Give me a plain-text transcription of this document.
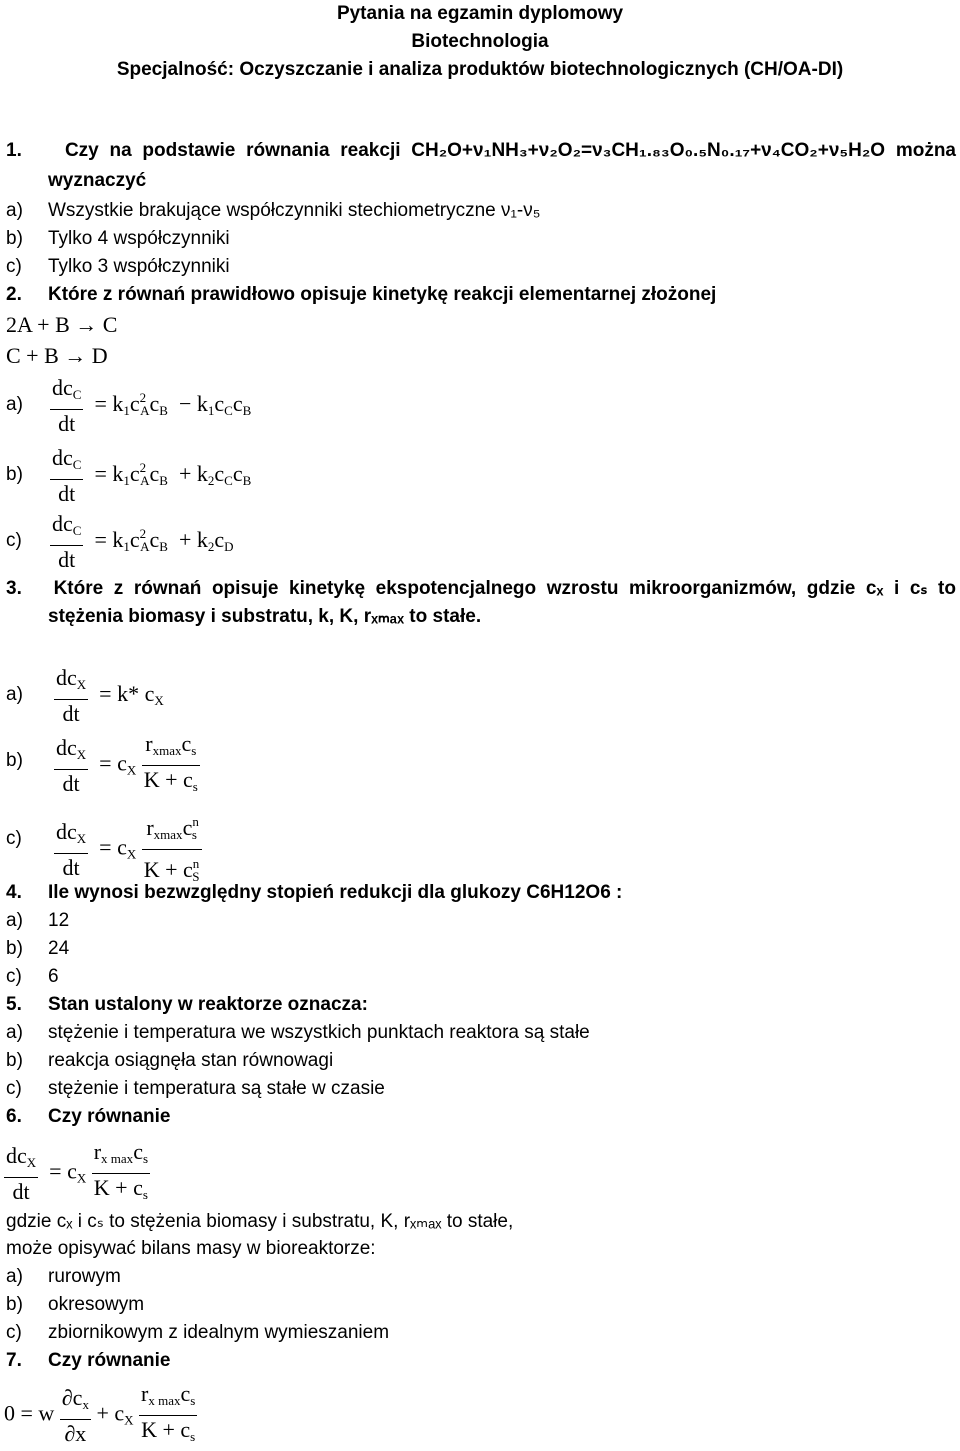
Pytania na egzamin dyplomowy
Biotechnologia
Specjalność: Oczyszczanie i analiza produktów biotechnologicznych (CH/OA-DI)
1. Czy na podstawie równania reakcji CH₂O+ν₁NH₃+ν₂O₂=ν₃CH₁.₈₃O₀.₅N₀.₁₇+ν₄CO₂+ν₅H₂O można
wyznaczyć
a) Wszystkie brakujące współczynniki stechiometryczne ν₁-ν₅
b) Tylko 4 współczynniki
c) Tylko 3 współczynniki
2. Które z równań prawidłowo opisuje kinetykę reakcji elementarnej złożonej
2A + B → C
C + B → D
$a) \frac{\text{dcC}}{dt} = k1c^2AcB$  − k1cCcB
$b) \frac{\text{dcC}}{dt} = k1c^2AcB$  + k2cCcB
$c) \frac{\text{dcC}}{dt} = k1c^2AcB + k2cD$
3. Które z równań opisuje kinetykę ekspotencjalnego wzrostu mikroorganizmów, gdzie cₓ i cₛ to
stężenia biomasy i substratu, k, K, rₓₘₐₓ to stałe.
$a) \frac{\text{dcX}}{dt} = k*$ cX
$b) \frac{\text{dcX}}{dt}$ = cX $\frac{\text{rxmaxcs}}{K + cs}$
$c) \frac{\text{dcX}}{dt}$ = cX $\frac{rxmaxc^ns}{K + c^nS}$
4. Ile wynosi bezwzględny stopień redukcji dla glukozy C6H12O6 :
a) 12
b) 24
c) 6
5. Stan ustalony w reaktorze oznacza:
a) stężenie i temperatura we wszystkich punktach reaktora są stałe
b) reakcja osiągnęła stan równowagi
c) stężenie i temperatura są stałe w czasie
6. Czy równanie
$\frac{\text{dcX}}{dt}$ = cX $\frac{\text{rx maxcs}}{K + cs}$
gdzie cₓ i cₛ to stężenia biomasy i substratu, K, rₓₘₐₓ to stałe,
może opisywać bilans masy w bioreaktorze:
a) rurowym
b) okresowym
c) zbiornikowym z idealnym wymieszaniem
7. Czy równanie
0 = w $\frac{\partial cx}{\partial x}$ + cX $\frac{\text{rx maxcs}}{K + cs}$
